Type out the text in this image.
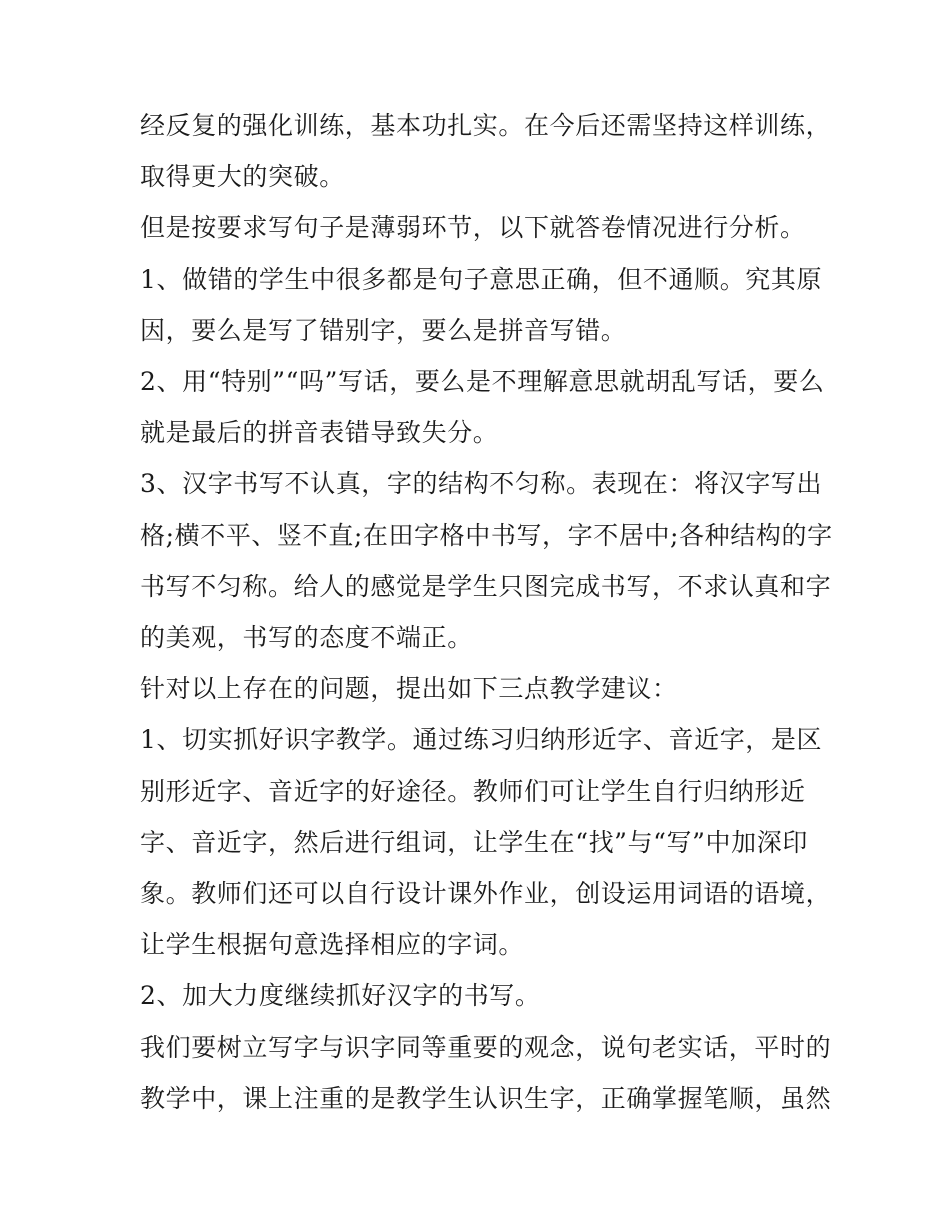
经反复的强化训练，基本功扎实。在今后还需坚持这样训练，
取得更大的突破。
但是按要求写句子是薄弱环节，以下就答卷情况进行分析。
1、做错的学生中很多都是句子意思正确，但不通顺。究其原
因，要么是写了错别字，要么是拼音写错。
2、用“特别”“吗”写话，要么是不理解意思就胡乱写话，要么
就是最后的拼音表错导致失分。
3、汉字书写不认真，字的结构不匀称。表现在：将汉字写出
格;横不平、竖不直;在田字格中书写，字不居中;各种结构的字
书写不匀称。给人的感觉是学生只图完成书写，不求认真和字
的美观，书写的态度不端正。
针对以上存在的问题，提出如下三点教学建议：
1、切实抓好识字教学。通过练习归纳形近字、音近字，是区
别形近字、音近字的好途径。教师们可让学生自行归纳形近
字、音近字，然后进行组词，让学生在“找”与“写”中加深印
象。教师们还可以自行设计课外作业，创设运用词语的语境，
让学生根据句意选择相应的字词。
2、加大力度继续抓好汉字的书写。
我们要树立写字与识字同等重要的观念，说句老实话，平时的
教学中，课上注重的是教学生认识生字，正确掌握笔顺，虽然
